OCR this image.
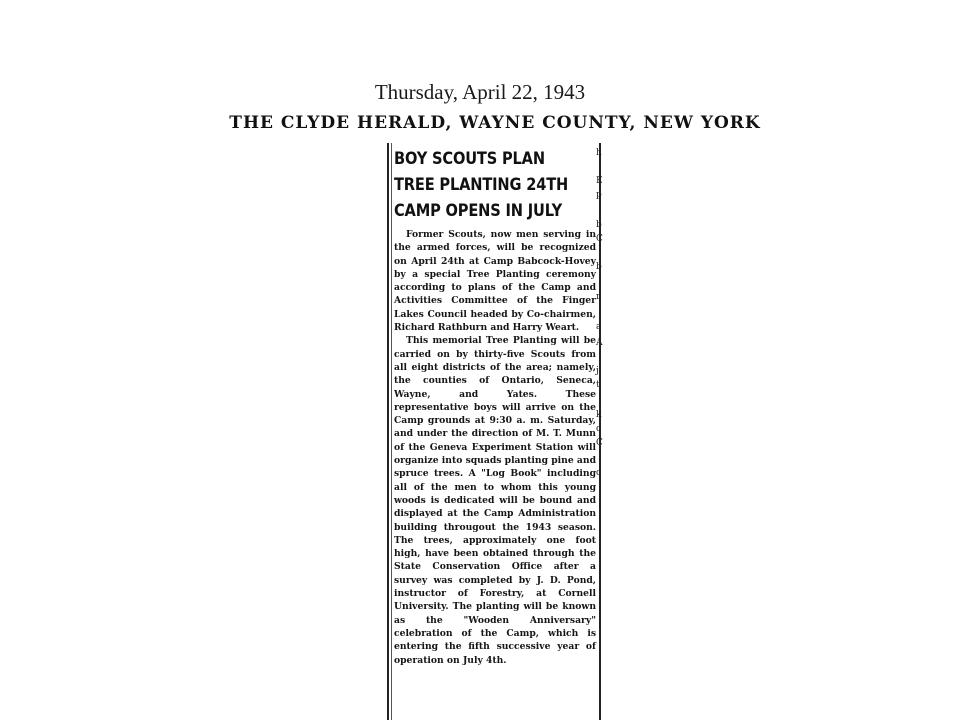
Thursday, April 22, 1943
THE CLYDE HERALD, WAYNE COUNTY, NEW YORK
BOY SCOUTS PLAN
TREE PLANTING 24TH
CAMP OPENS IN JULY

Former Scouts, now men serving in the armed forces, will be recognized on April 24th at Camp Babcock-Hovey by a special Tree Planting ceremony according to plans of the Camp and Activities Committee of the Finger Lakes Council headed by Co-chairmen, Richard Rathburn and Harry Weart.

This memorial Tree Planting will be carried on by thirty-five Scouts from all eight districts of the area; namely, the counties of Ontario, Seneca, Wayne, and Yates. These representative boys will arrive on the Camp grounds at 9:30 a. m. Saturday, and under the direction of M. T. Munn of the Geneva Experiment Station will organize into squads planting pine and spruce trees. A "Log Book" including all of the men to whom this young woods is dedicated will be bound and displayed at the Camp Administration building througout the 1943 season. The trees, approximately one foot high, have been obtained through the State Conservation Office after a survey was completed by J. D. Pond, instructor of Forestry, at Cornell University. The planting will be known as the "Wooden Anniversary" celebration of the Camp, which is entering the fifth successive year of operation on July 4th.

h
E
p
b
C
b
r
a
A
j
t
k
c
C
c
